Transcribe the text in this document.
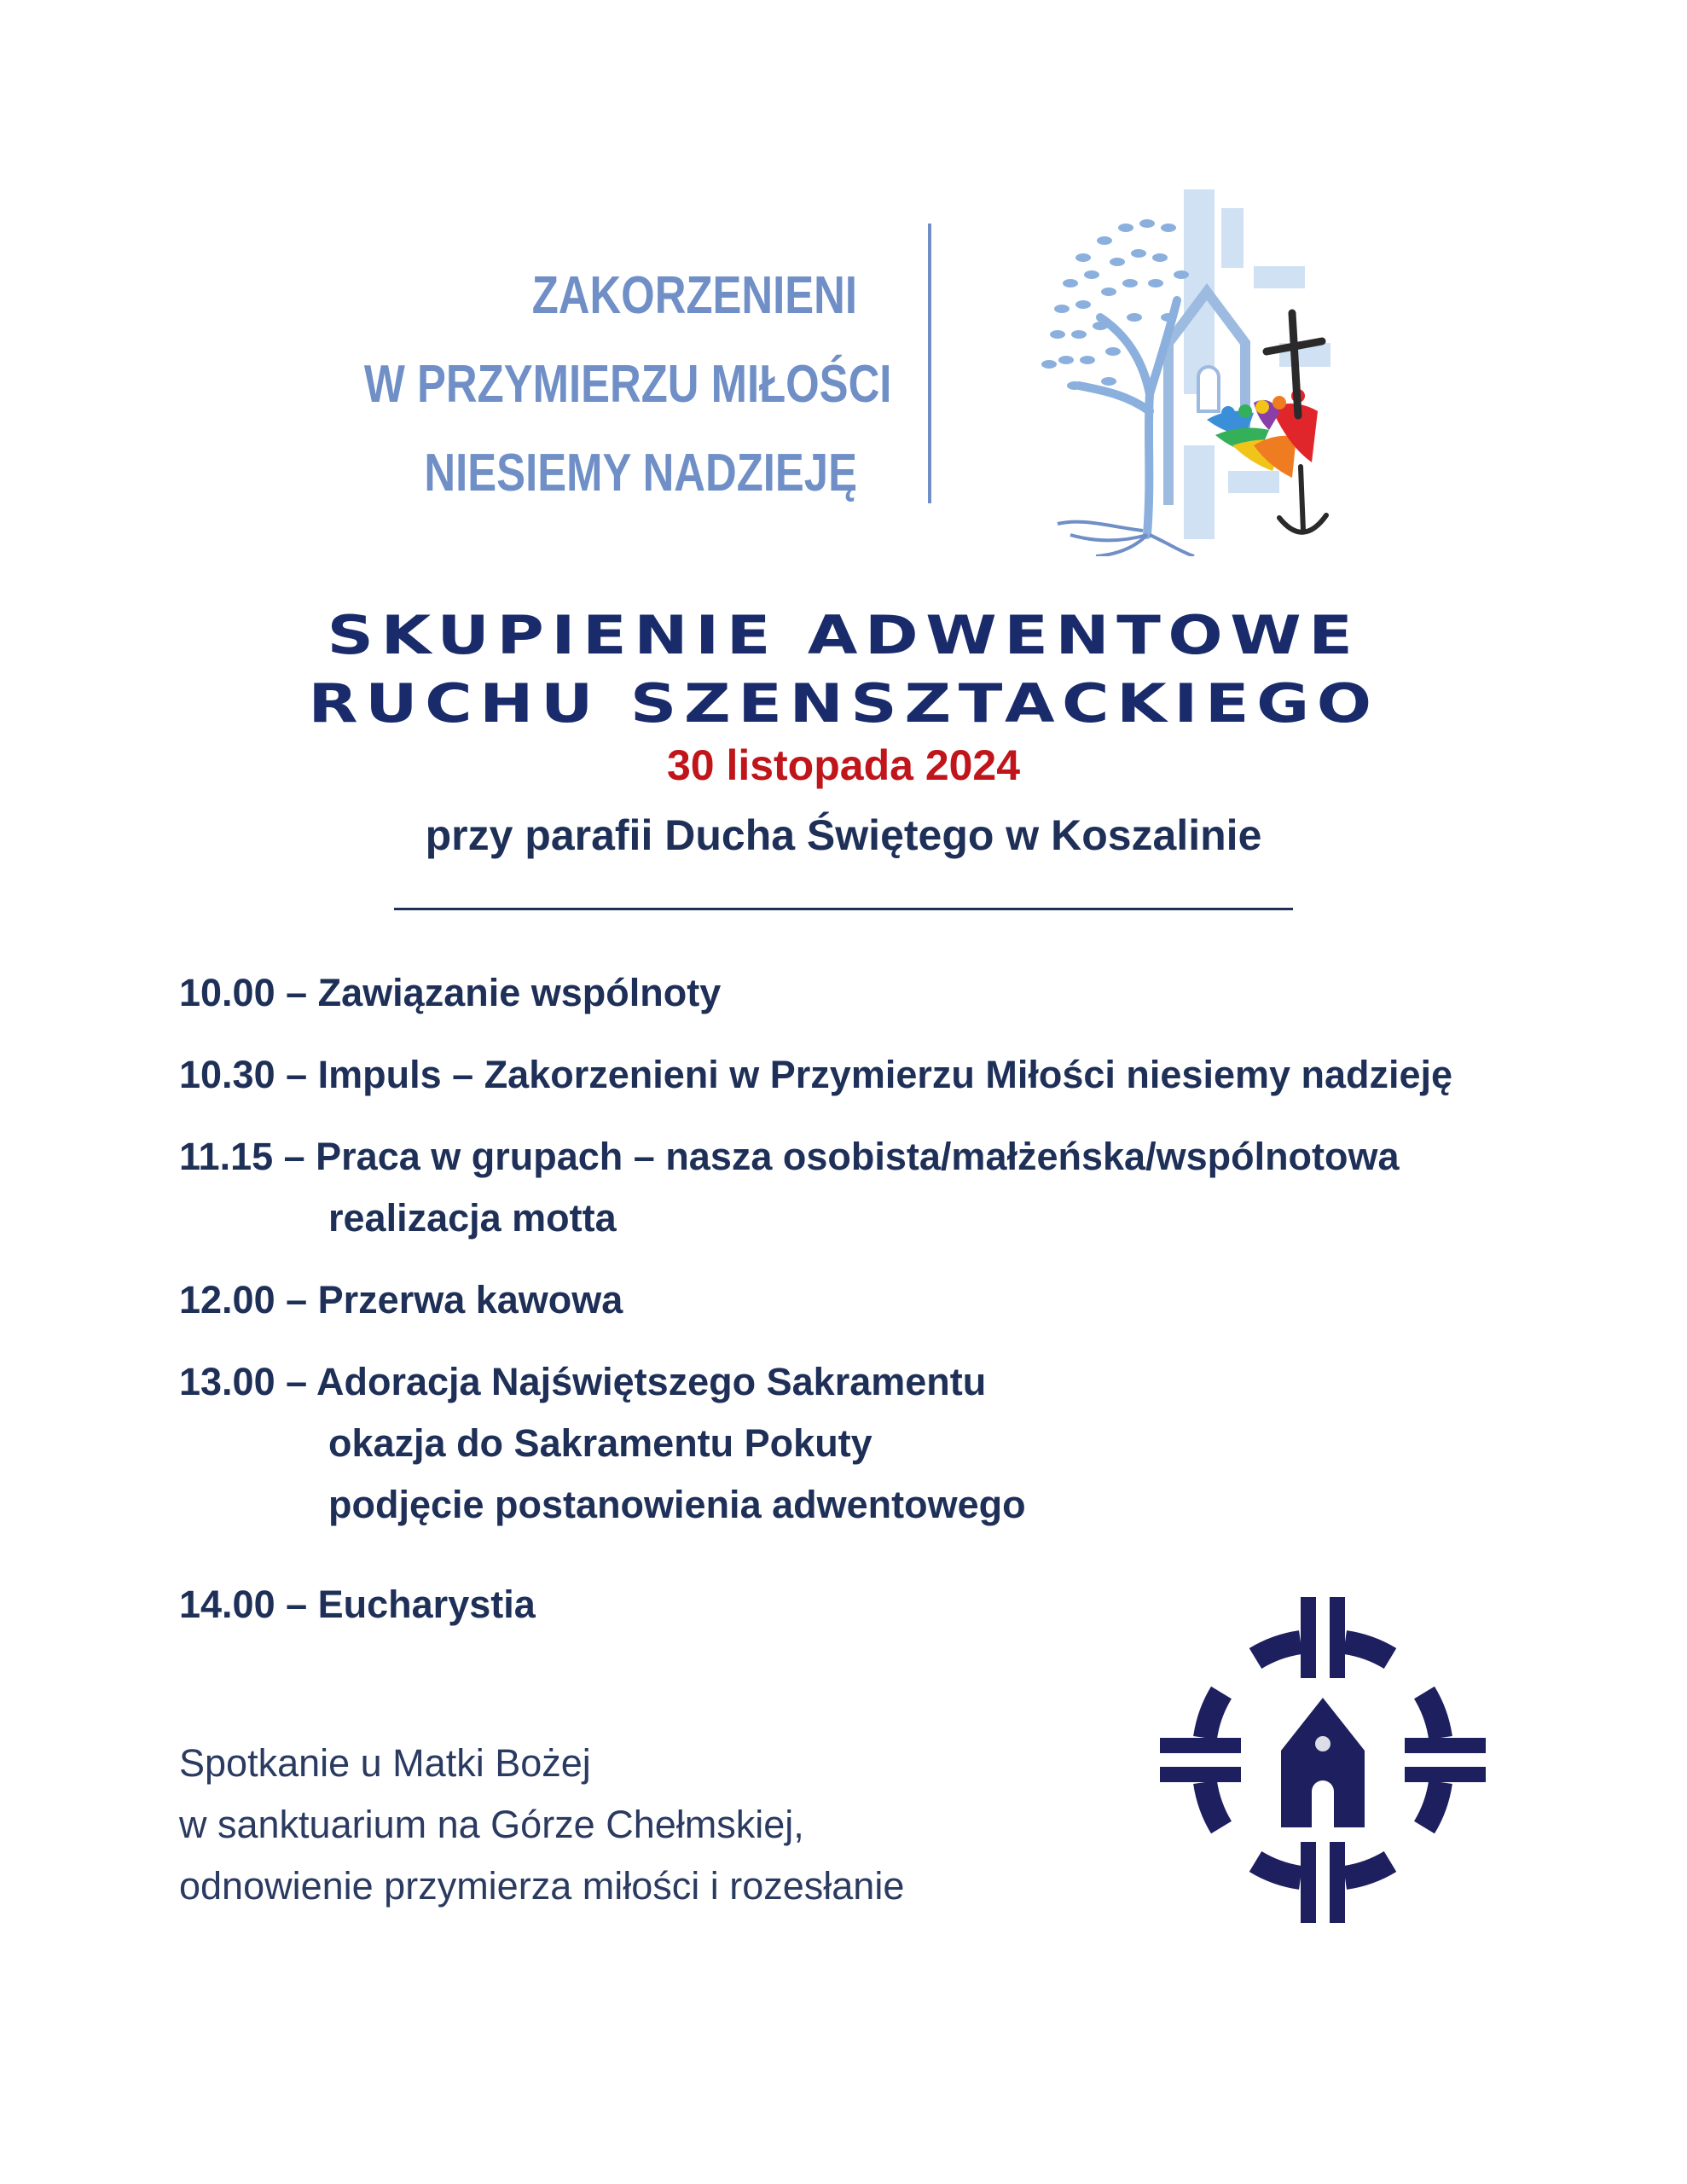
ZAKORZENIENI
W PRZYMIERZU MIŁOŚCI
NIESIEMY NADZIEJĘ
SKUPIENIE ADWENTOWE
RUCHU SZENSZTACKIEGO
30 listopada 2024
przy parafii Ducha Świętego w Koszalinie
10.00 – Zawiązanie wspólnoty
10.30 – Impuls – Zakorzenieni w Przymierzu Miłości niesiemy nadzieję
11.15 – Praca w grupach – nasza osobista/małżeńska/wspólnotowa
realizacja motta
12.00 – Przerwa kawowa
13.00 – Adoracja Najświętszego Sakramentu
okazja do Sakramentu Pokuty
podjęcie postanowienia adwentowego
14.00 – Eucharystia
Spotkanie u Matki Bożej
w sanktuarium na Górze Chełmskiej,
odnowienie przymierza miłości i rozesłanie
